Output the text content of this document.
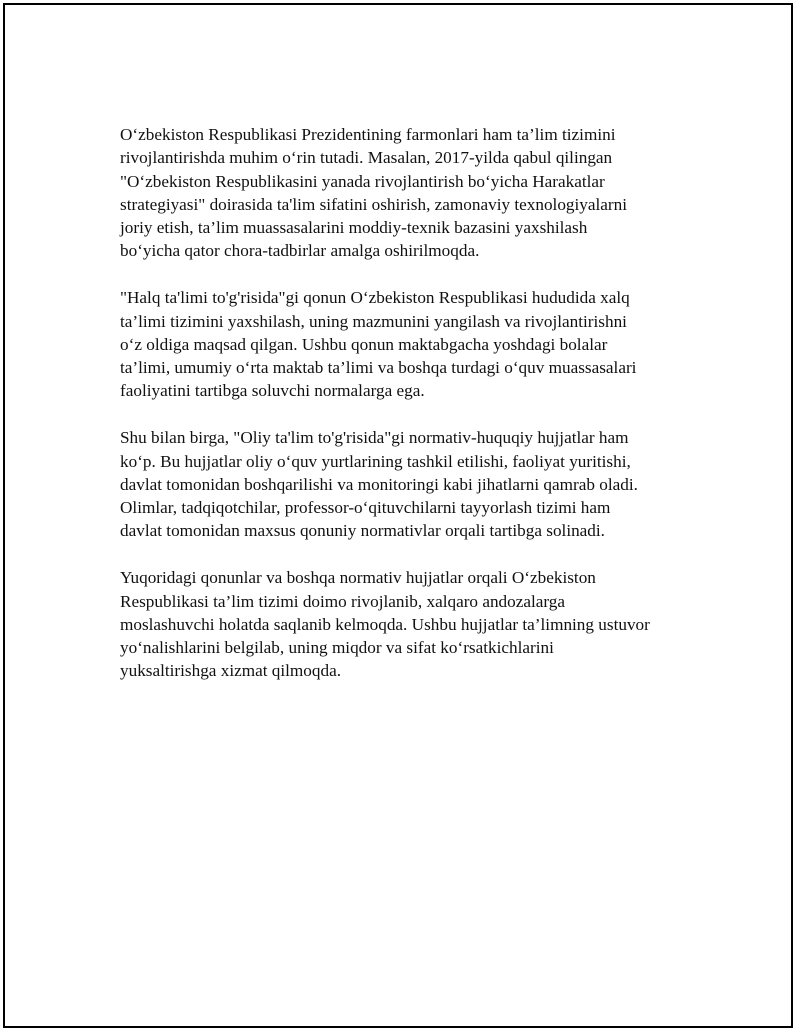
Oʻzbekiston Respublikasi Prezidentining farmonlari ham ta’lim tizimini
rivojlantirishda muhim oʻrin tutadi. Masalan, 2017-yilda qabul qilingan
"Oʻzbekiston Respublikasini yanada rivojlantirish boʻyicha Harakatlar
strategiyasi" doirasida ta'lim sifatini oshirish, zamonaviy texnologiyalarni
joriy etish, ta’lim muassasalarini moddiy-texnik bazasini yaxshilash
boʻyicha qator chora-tadbirlar amalga oshirilmoqda.

"Halq ta'limi to'g'risida"gi qonun Oʻzbekiston Respublikasi hududida xalq
ta’limi tizimini yaxshilash, uning mazmunini yangilash va rivojlantirishni
oʻz oldiga maqsad qilgan. Ushbu qonun maktabgacha yoshdagi bolalar
ta’limi, umumiy oʻrta maktab ta’limi va boshqa turdagi oʻquv muassasalari
faoliyatini tartibga soluvchi normalarga ega.

Shu bilan birga, "Oliy ta'lim to'g'risida"gi normativ-huquqiy hujjatlar ham
koʻp. Bu hujjatlar oliy oʻquv yurtlarining tashkil etilishi, faoliyat yuritishi,
davlat tomonidan boshqarilishi va monitoringi kabi jihatlarni qamrab oladi.
Olimlar, tadqiqotchilar, professor-oʻqituvchilarni tayyorlash tizimi ham
davlat tomonidan maxsus qonuniy normativlar orqali tartibga solinadi.

Yuqoridagi qonunlar va boshqa normativ hujjatlar orqali Oʻzbekiston
Respublikasi ta’lim tizimi doimo rivojlanib, xalqaro andozalarga
moslashuvchi holatda saqlanib kelmoqda. Ushbu hujjatlar ta’limning ustuvor
yoʻnalishlarini belgilab, uning miqdor va sifat koʻrsatkichlarini
yuksaltirishga xizmat qilmoqda.
